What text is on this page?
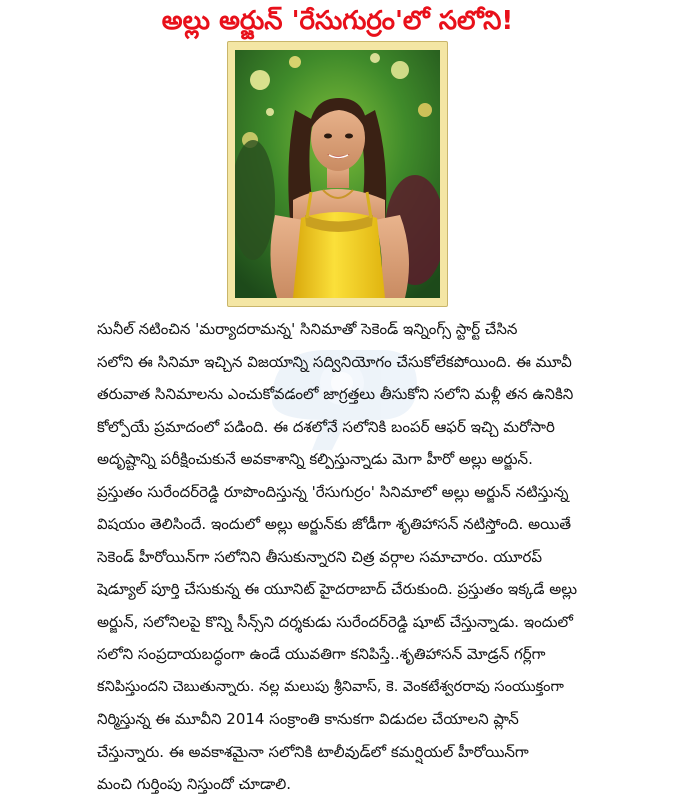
అల్లు అర్జున్ 'రేసుగుర్రం'లో సలోని!
సునీల్ నటించిన 'మర్యాదరామన్న' సినిమాతో సెకెండ్ ఇన్నింగ్స్ స్టార్ట్ చేసిన
సలోని ఈ సినిమా ఇచ్చిన విజయాన్ని సద్వినియోగం చేసుకోలేకపోయింది. ఈ మూవీ
తరువాత సినిమాలను ఎంచుకోవడంలో జాగ్రత్తలు తీసుకోని సలోని మళ్లీ తన ఉనికిని
కోల్పోయే ప్రమాదంలో పడింది. ఈ దశలోనే సలోనికి బంపర్ ఆఫర్ ఇచ్చి మరోసారి
అదృష్టాన్ని పరీక్షించుకునే అవకాశాన్ని కల్పిస్తున్నాడు మెగా హీరో అల్లు అర్జున్.
ప్రస్తుతం సురేందర్‌రెడ్డి రూపొందిస్తున్న 'రేసుగుర్రం' సినిమాలో అల్లు అర్జున్ నటిస్తున్న
విషయం తెలిసిందే. ఇందులో అల్లు అర్జున్‌కు జోడీగా శృతిహాసన్ నటిస్తోంది. అయితే
సెకెండ్ హీరోయిన్‌గా సలోనిని తీసుకున్నారని చిత్ర వర్గాల సమాచారం. యూరప్
షెడ్యూల్ పూర్తి చేసుకున్న ఈ యూనిట్ హైదరాబాద్ చేరుకుంది. ప్రస్తుతం ఇక్కడే అల్లు
అర్జున్, సలోనిలపై కొన్ని సీన్స్‌ని దర్శకుడు సురేందర్‌రెడ్డి షూట్ చేస్తున్నాడు. ఇందులో
సలోని సంప్రదాయబద్ధంగా ఉండే యువతిగా కనిపిస్తే..శృతిహాసన్ మోడ్రన్ గర్ల్‌గా
కనిపిస్తుందని చెబుతున్నారు. నల్ల మలుపు శ్రీనివాస్, కె. వెంకటేశ్వరరావు సంయుక్తంగా
నిర్మిస్తున్న ఈ మూవీని 2014 సంక్రాంతి కానుకగా విడుదల చేయాలని ప్లాన్
చేస్తున్నారు. ఈ అవకాశమైనా సలోనికి టాలీవుడ్‌లో కమర్షియల్ హీరోయిన్‌గా
మంచి గుర్తింపు నిస్తుందో చూడాలి.
